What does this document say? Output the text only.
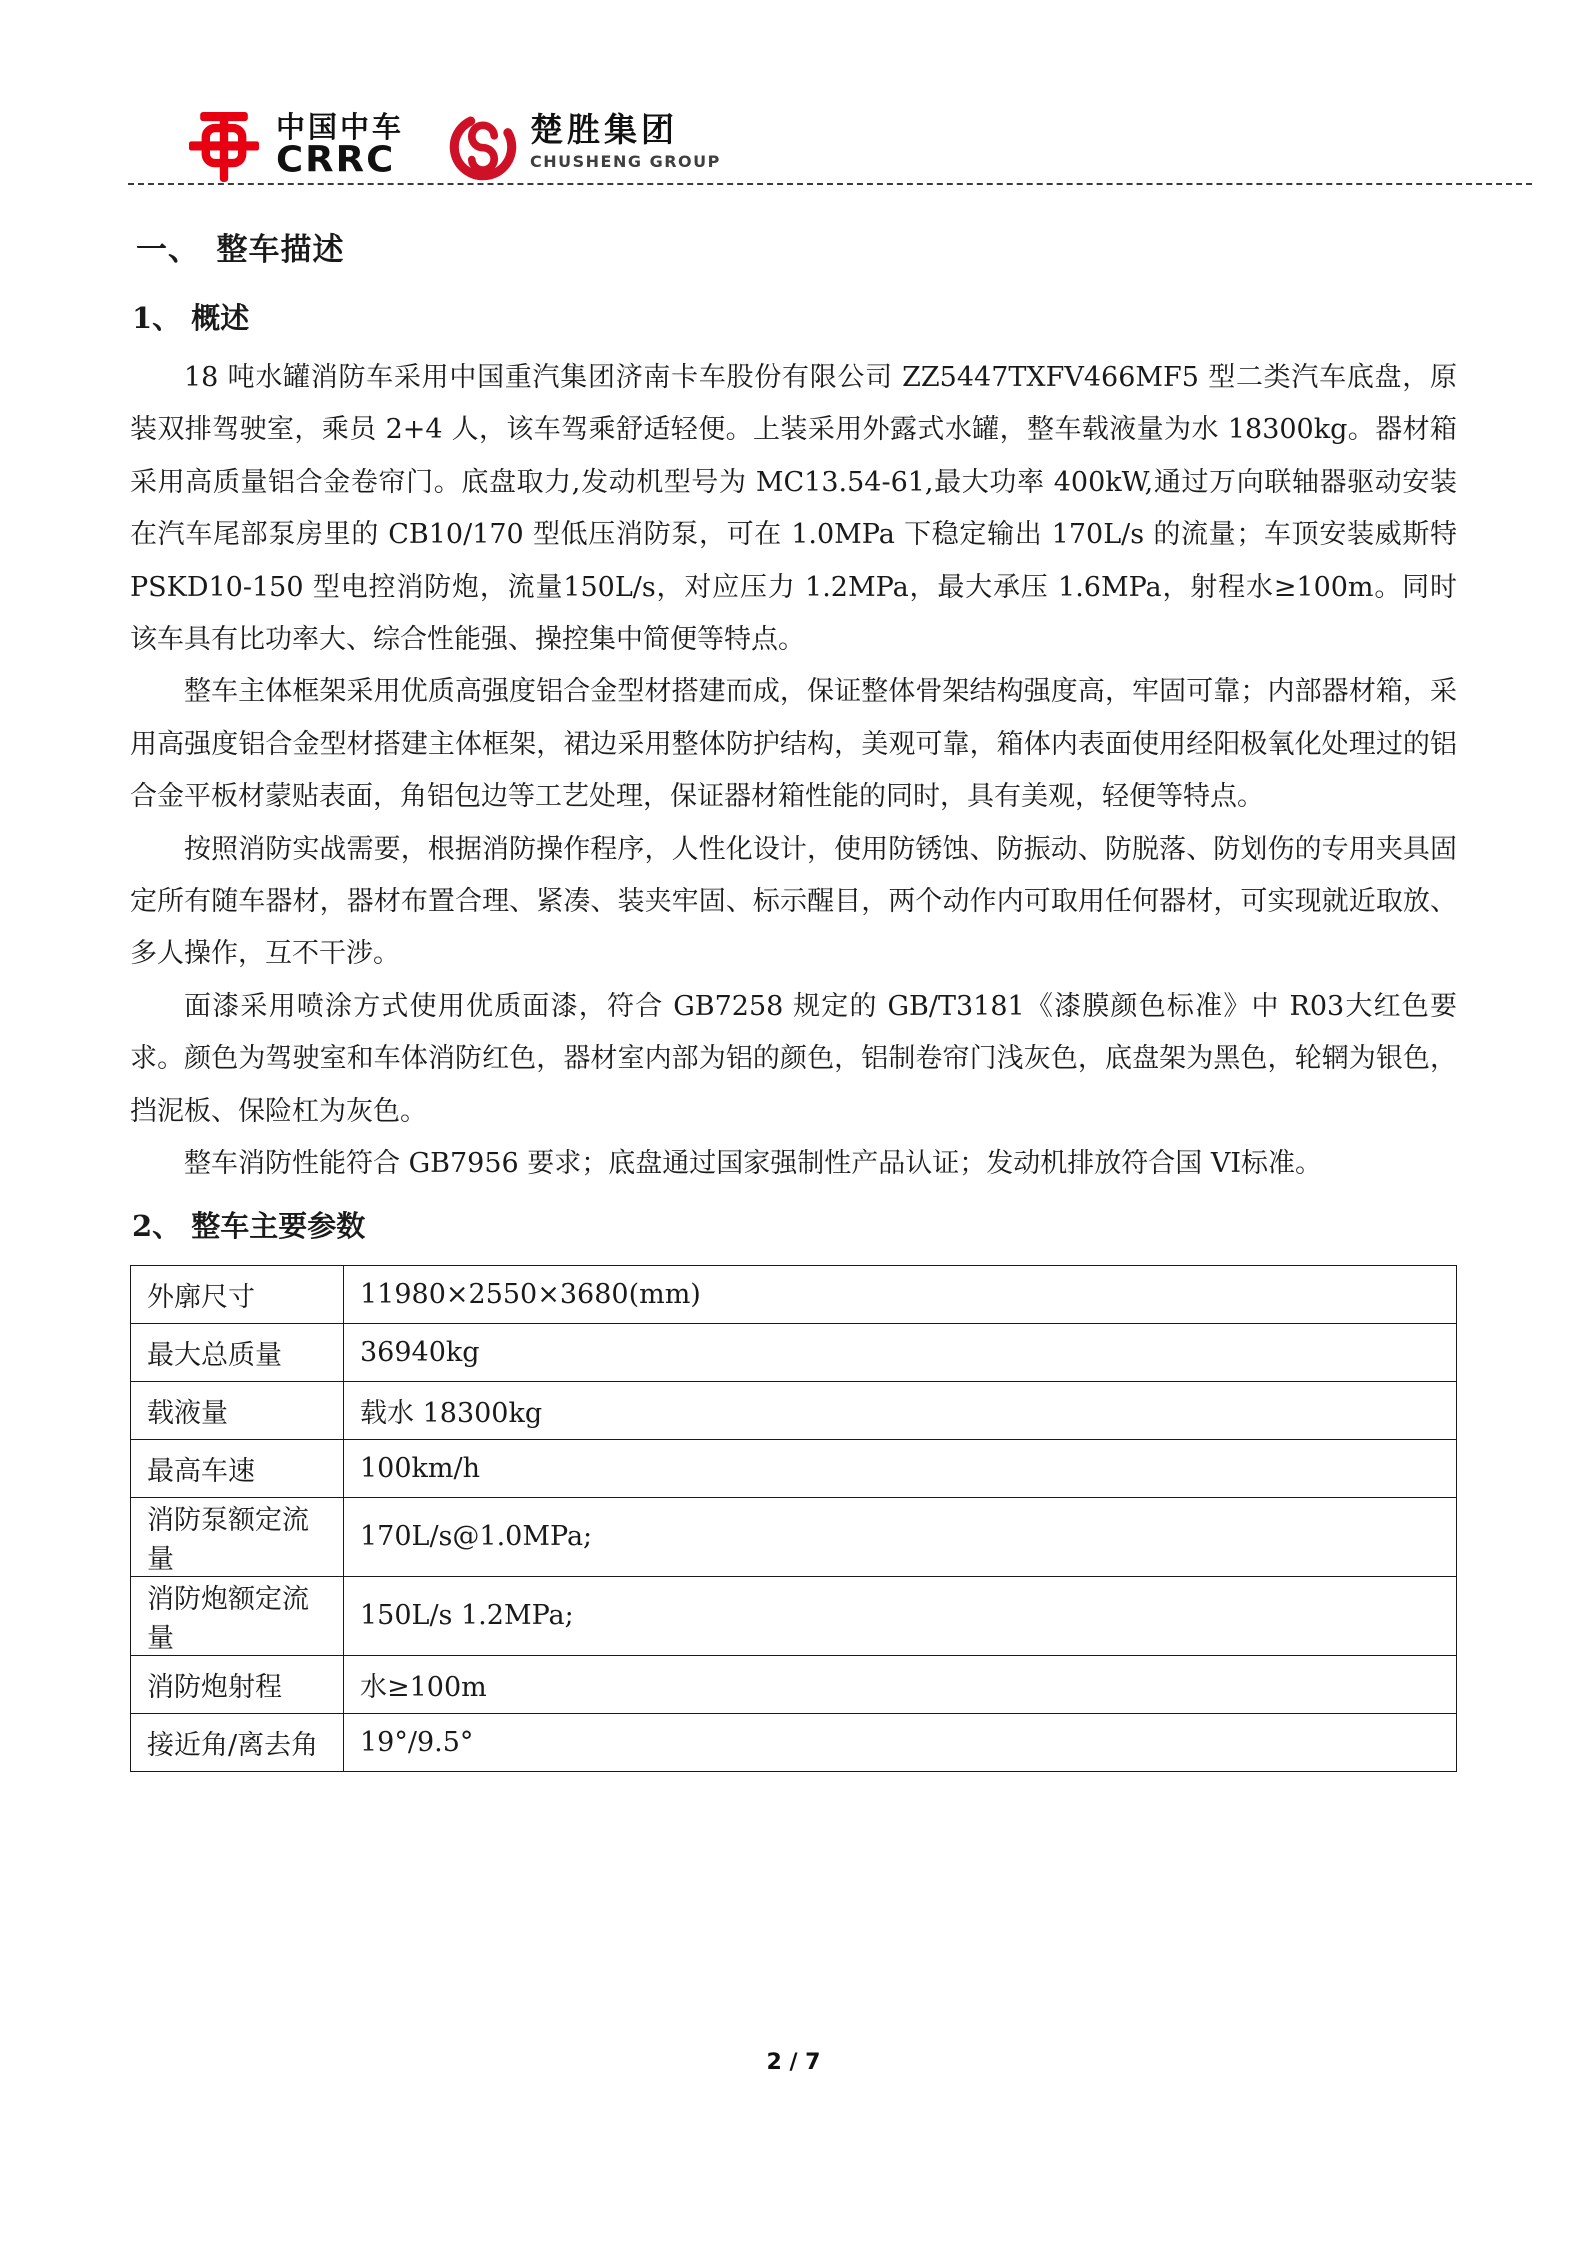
中国中车
CRRC
楚胜集团
CHUSHENG GROUP
一、　整车描述
1、 概述

18 吨水罐消防车采用中国重汽集团济南卡车股份有限公司 ZZ5447TXFV466MF5 型二类汽车底盘，原装双排驾驶室，乘员 2+4 人，该车驾乘舒适轻便。上装采用外露式水罐，整车载液量为水 18300kg。器材箱采用高质量铝合金卷帘门。底盘取力,发动机型号为 MC13.54-61,最大功率 400kW,通过万向联轴器驱动安装在汽车尾部泵房里的 CB10/170 型低压消防泵，可在 1.0MPa 下稳定输出 170L/s 的流量；车顶安装威斯特 PSKD10-150 型电控消防炮，流量150L/s，对应压力 1.2MPa，最大承压 1.6MPa，射程水≥100m。同时该车具有比功率大、综合性能强、操控集中简便等特点。

整车主体框架采用优质高强度铝合金型材搭建而成，保证整体骨架结构强度高，牢固可靠；内部器材箱，采用高强度铝合金型材搭建主体框架，裙边采用整体防护结构，美观可靠，箱体内表面使用经阳极氧化处理过的铝合金平板材蒙贴表面，角铝包边等工艺处理，保证器材箱性能的同时，具有美观，轻便等特点。

按照消防实战需要，根据消防操作程序，人性化设计，使用防锈蚀、防振动、防脱落、防划伤的专用夹具固定所有随车器材，器材布置合理、紧凑、装夹牢固、标示醒目，两个动作内可取用任何器材，可实现就近取放、多人操作，互不干涉。

面漆采用喷涂方式使用优质面漆，符合 GB7258 规定的 GB/T3181《漆膜颜色标准》中 R03大红色要求。颜色为驾驶室和车体消防红色，器材室内部为铝的颜色，铝制卷帘门浅灰色，底盘架为黑色，轮辋为银色，挡泥板、保险杠为灰色。

整车消防性能符合 GB7956 要求；底盘通过国家强制性产品认证；发动机排放符合国 VI标准。

2、 整车主要参数
外廓尺寸	11980×2550×3680(mm)
最大总质量	36940kg
载液量	载水 18300kg
最高车速	100km/h
消防泵额定流量	170L/s@1.0MPa;
消防炮额定流量	150L/s 1.2MPa;
消防炮射程	水≥100m
接近角/离去角	19°/9.5°
2 / 7
